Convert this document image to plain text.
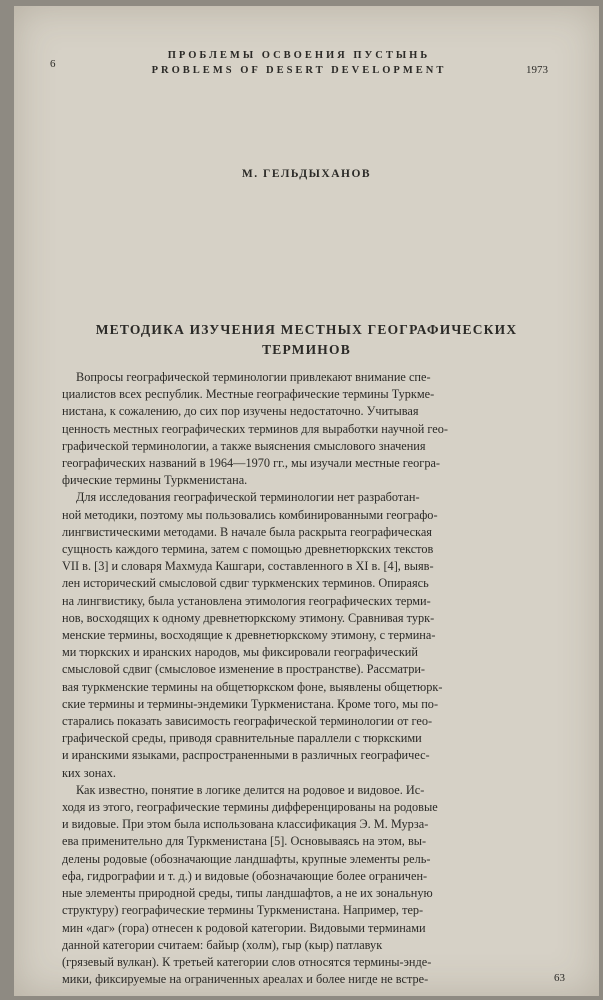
6
ПРОБЛЕМЫ ОСВОЕНИЯ ПУСТЫНЬ
PROBLEMS OF DESERT DEVELOPMENT	1973
М. ГЕЛЬДЫХАНОВ
МЕТОДИКА ИЗУЧЕНИЯ МЕСТНЫХ ГЕОГРАФИЧЕСКИХ
ТЕРМИНОВ

Вопросы географической терминологии привлекают внимание спе-
циалистов всех республик. Местные географические термины Туркме-
нистана, к сожалению, до сих пор изучены недостаточно. Учитывая
ценность местных географических терминов для выработки научной гео-
графической терминологии, а также выяснения смыслового значения
географических названий в 1964—1970 гг., мы изучали местные геогра-
фические термины Туркменистана.

Для исследования географической терминологии нет разработан-
ной методики, поэтому мы пользовались комбинированными географо-
лингвистическими методами. В начале была раскрыта географическая
сущность каждого термина, затем с помощью древнетюркских текстов
VII в. [3] и словаря Махмуда Кашгари, составленного в XI в. [4], выяв-
лен исторический смысловой сдвиг туркменских терминов. Опираясь
на лингвистику, была установлена этимология географических терми-
нов, восходящих к одному древнетюркскому этимону. Сравнивая турк-
менские термины, восходящие к древнетюркскому этимону, с термина-
ми тюркских и иранских народов, мы фиксировали географический
смысловой сдвиг (смысловое изменение в пространстве). Рассматри-
вая туркменские термины на общетюркском фоне, выявлены общетюрк-
ские термины и термины-эндемики Туркменистана. Кроме того, мы по-
старались показать зависимость географической терминологии от гео-
графической среды, приводя сравнительные параллели с тюркскими
и иранскими языками, распространенными в различных географичес-
ких зонах.

Как известно, понятие в логике делится на родовое и видовое. Ис-
ходя из этого, географические термины дифференцированы на родовые
и видовые. При этом была использована классификация Э. М. Мурза-
ева применительно для Туркменистана [5]. Основываясь на этом, вы-
делены родовые (обозначающие ландшафты, крупные элементы рель-
ефа, гидрографии и т. д.) и видовые (обозначающие более ограничен-
ные элементы природной среды, типы ландшафтов, а не их зональную
структуру) географические термины Туркменистана. Например, тер-
мин «даг» (гора) отнесен к родовой категории. Видовыми терминами
данной категории считаем: байыр (холм), гыр (кыр) патлавук
(грязевый вулкан). К третьей категории слов относятся термины-энде-
мики, фиксируемые на ограниченных ареалах и более нигде не встре-	63
